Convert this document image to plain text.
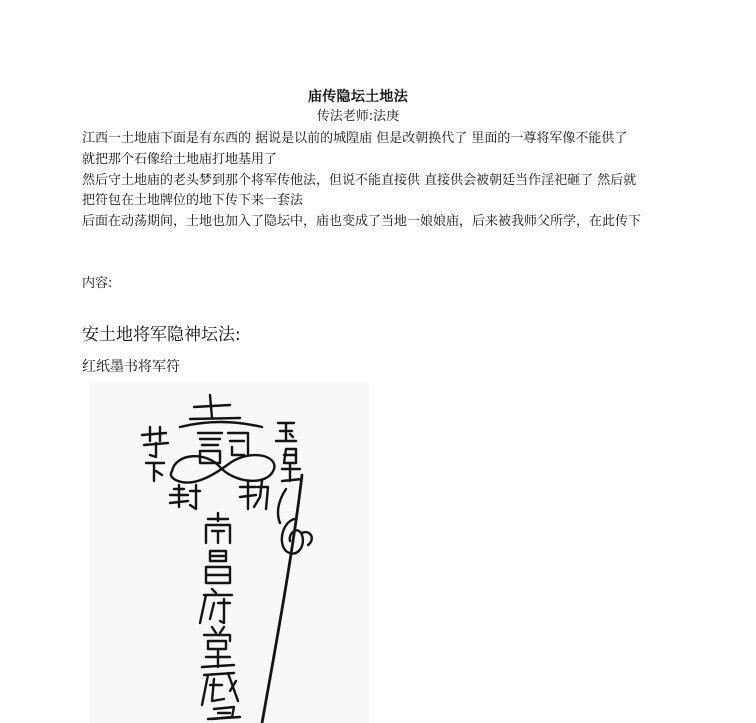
庙传隐坛土地法
传法老师:法庚

江西一土地庙下面是有东西的 据说是以前的城隍庙 但是改朝换代了 里面的一尊将军像不能供了 就把那个石像给土地庙打地基用了

然后守土地庙的老头梦到那个将军传他法，但说不能直接供 直接供会被朝廷当作淫祀砸了 然后就把符包在土地牌位的地下传下来一套法

后面在动荡期间，土地也加入了隐坛中，庙也变成了当地一娘娘庙，后来被我师父所学，在此传下

内容:
安土地将军隐神坛法:
红纸墨书将军符
